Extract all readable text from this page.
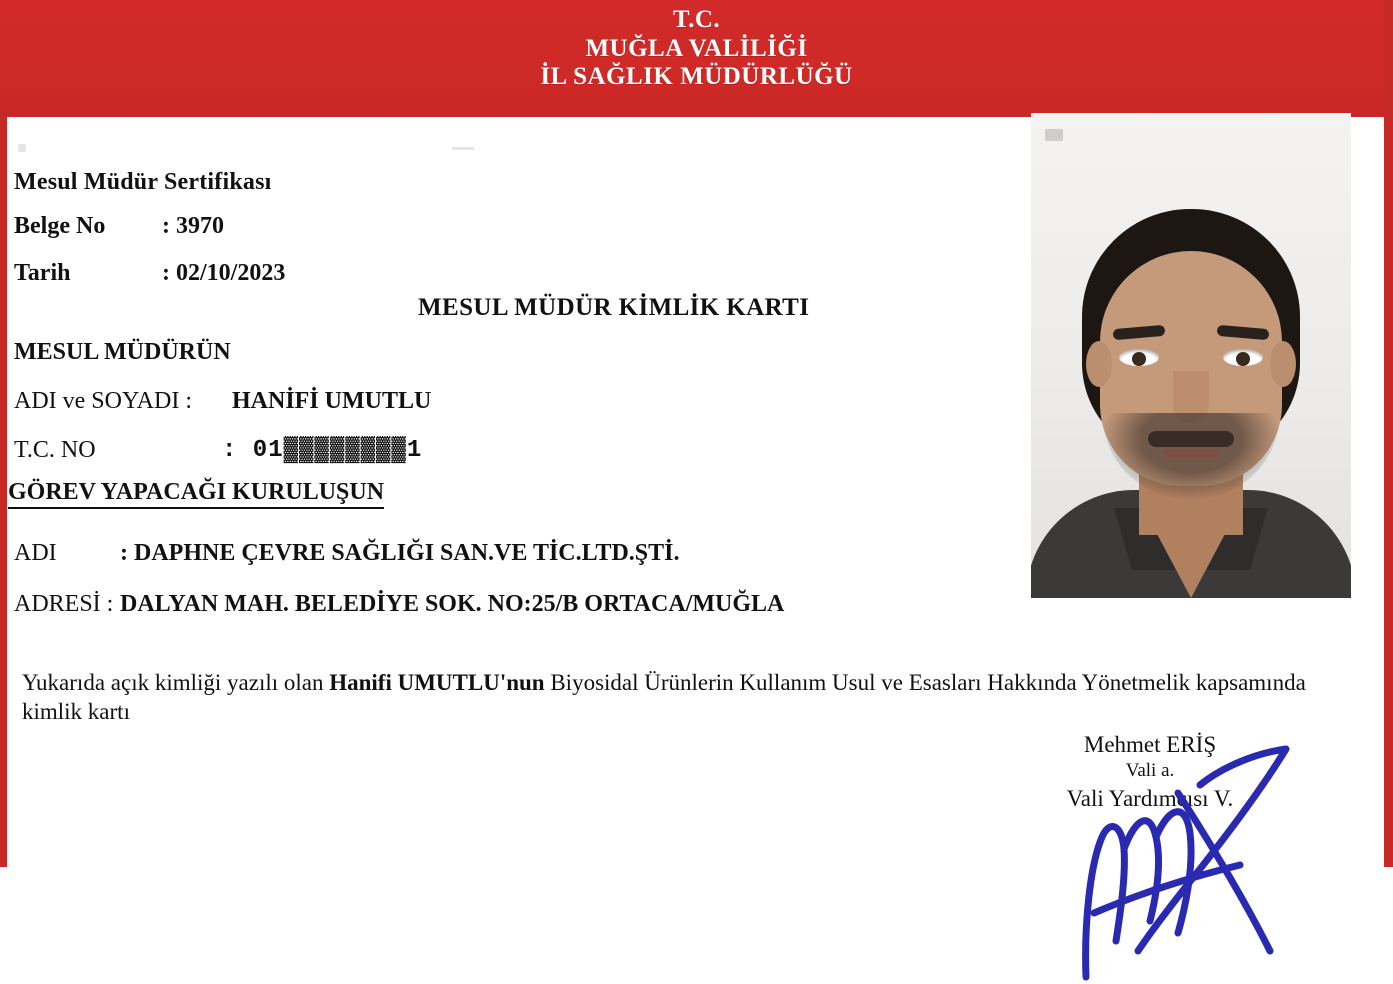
T.C.
MUĞLA VALİLİĞİ
İL SAĞLIK MÜDÜRLÜĞÜ
Mesul Müdür Sertifikası
Belge No : 3970
Tarih	: 02/10/2023
MESUL MÜDÜR KİMLİK KARTI
MESUL MÜDÜRÜN
ADI ve SOYADI : HANİFİ UMUTLU
T.C. NO	: 01▓▓▓▓▓▓▓▓1
GÖREV YAPACAĞI KURULUŞUN
ADI	: DAPHNE ÇEVRE SAĞLIĞI SAN.VE TİC.LTD.ŞTİ.
ADRESİ : DALYAN MAH. BELEDİYE SOK. NO:25/B ORTACA/MUĞLA
Yukarıda açık kimliği yazılı olan Hanifi UMUTLU'nun Biyosidal Ürünlerin Kullanım Usul ve Esasları Hakkında Yönetmelik kapsamında kimlik kartı
Mehmet ERİŞ
Vali a.
Vali Yardımcısı V.
